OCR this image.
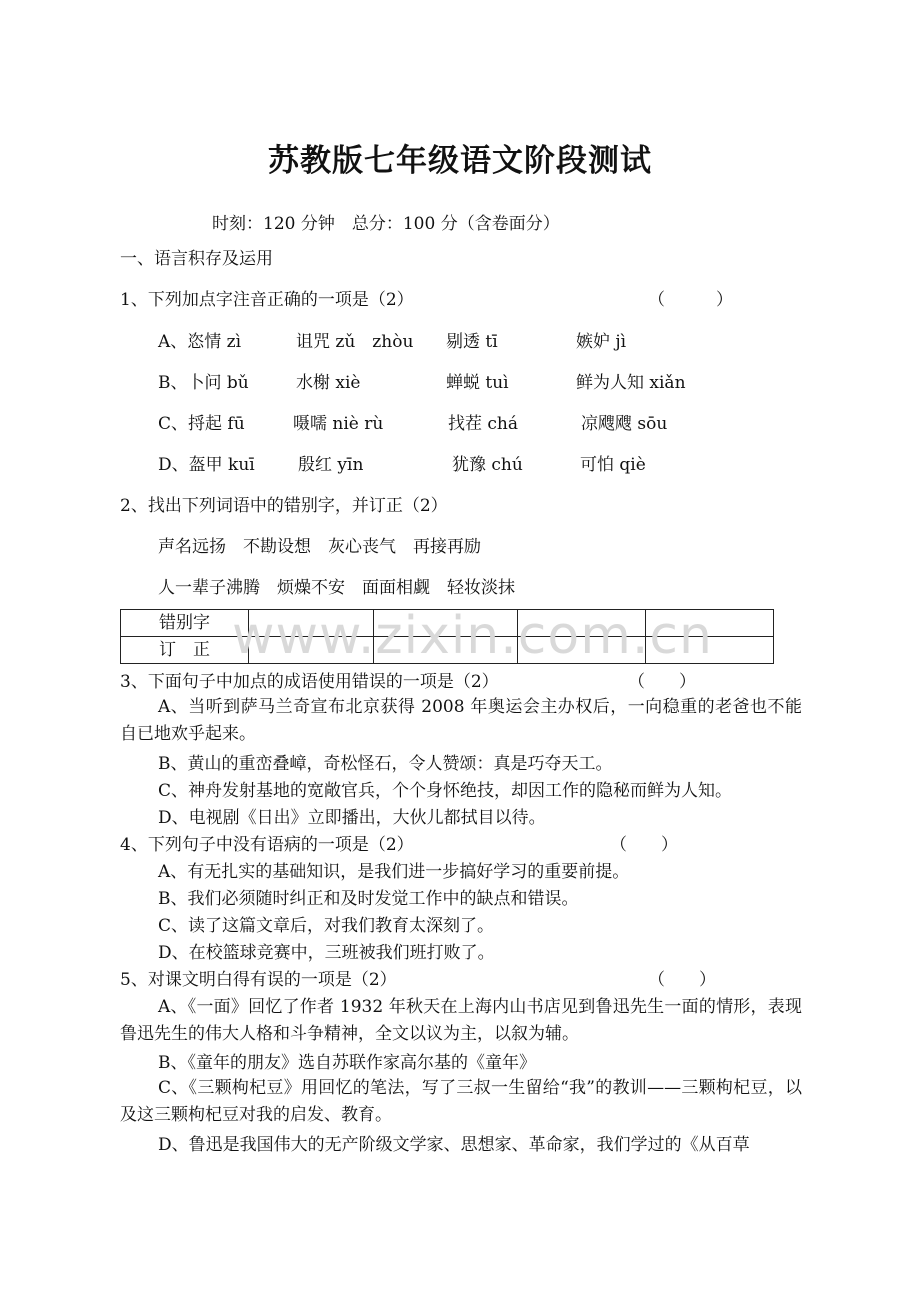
苏教版七年级语文阶段测试
时刻：120 分钟　总分：100 分（含卷面分）
一、语言积存及运用
1、下列加点字注音正确的一项是（2）	（　　　）
A、恣情 zì	诅咒 zǔ　zhòu 剔透 tī	嫉妒 jì
B、卜问 bǔ	水榭 xiè	蝉蜕 tuì	鲜为人知 xiǎn
C、捋起 fū	嗫嚅 niè rù	找茬 chá	凉飕飕 sōu
D、盔甲 kuī	殷红 yīn	犹豫 chú	可怕 qiè
2、找出下列词语中的错别字，并订正（2）
声名远扬　不勘设想　灰心丧气　再接再励
人一辈子沸腾　烦燥不安　面面相觑　轻妆淡抹
错别字				
订　正				www.zixin.com.cn
3、下面句子中加点的成语使用错误的一项是（2）	（　　）
A、当听到萨马兰奇宣布北京获得 2008 年奥运会主办权后，一向稳重的老爸也不能自已地欢乎起来。
B、黄山的重峦叠嶂，奇松怪石，令人赞颂：真是巧夺天工。
C、神舟发射基地的宽敞官兵，个个身怀绝技，却因工作的隐秘而鲜为人知。
D、电视剧《日出》立即播出，大伙儿都拭目以待。
4、下列句子中没有语病的一项是（2）	（　　）
A、有无扎实的基础知识，是我们进一步搞好学习的重要前提。
B、我们必须随时纠正和及时发觉工作中的缺点和错误。
C、读了这篇文章后，对我们教育太深刻了。
D、在校篮球竞赛中，三班被我们班打败了。
5、对课文明白得有误的一项是（2）	（　　）
A、《一面》回忆了作者 1932 年秋天在上海内山书店见到鲁迅先生一面的情形，表现鲁迅先生的伟大人格和斗争精神，全文以议为主，以叙为辅。
B、《童年的朋友》选自苏联作家高尔基的《童年》
C、《三颗枸杞豆》用回忆的笔法，写了三叔一生留给“我”的教训——三颗枸杞豆，以及这三颗枸杞豆对我的启发、教育。
D、鲁迅是我国伟大的无产阶级文学家、思想家、革命家，我们学过的《从百草
